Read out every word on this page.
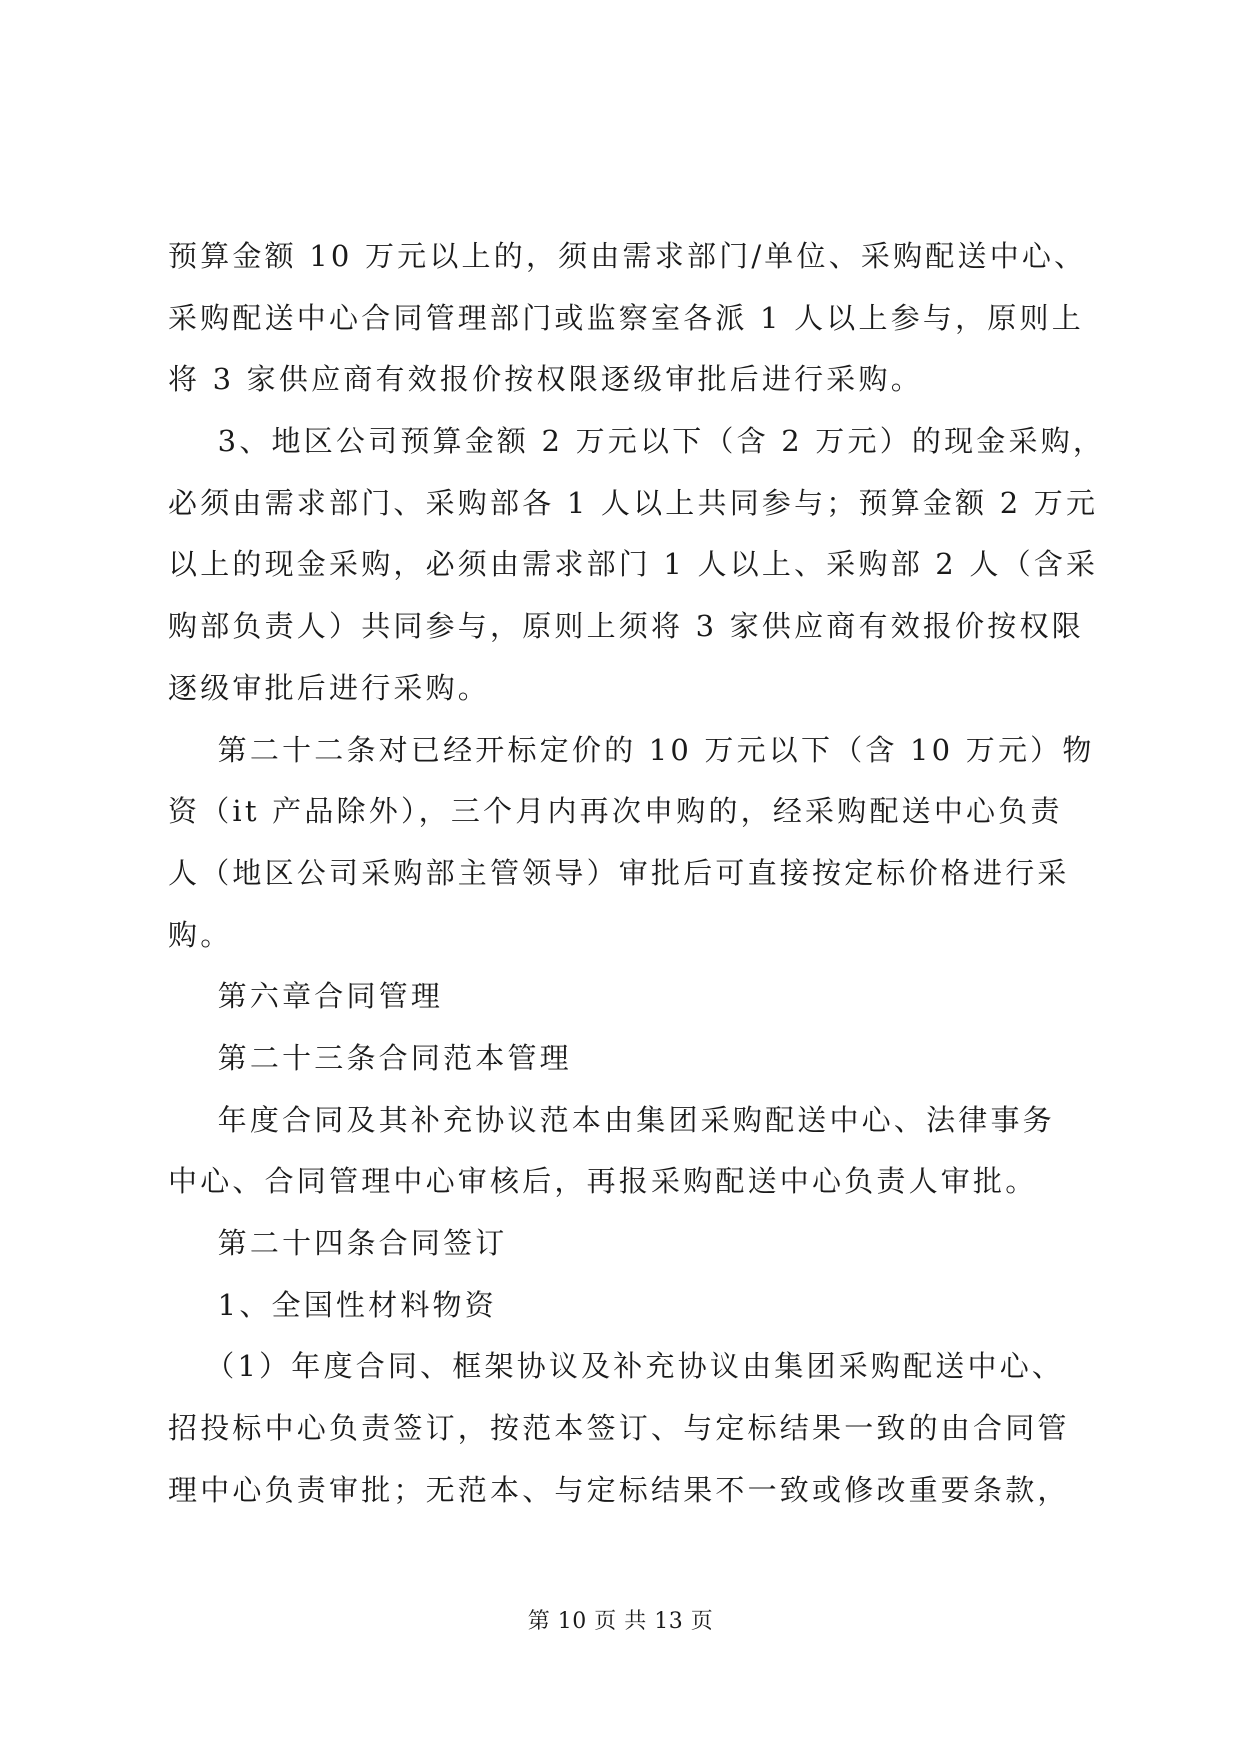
预算金额 10 万元以上的，须由需求部门/单位、采购配送中心、
采购配送中心合同管理部门或监察室各派 1 人以上参与，原则上
将 3 家供应商有效报价按权限逐级审批后进行采购。
3、地区公司预算金额 2 万元以下（含 2 万元）的现金采购，
必须由需求部门、采购部各 1 人以上共同参与；预算金额 2 万元
以上的现金采购，必须由需求部门 1 人以上、采购部 2 人（含采
购部负责人）共同参与，原则上须将 3 家供应商有效报价按权限
逐级审批后进行采购。
第二十二条对已经开标定价的 10 万元以下（含 10 万元）物
资（it 产品除外），三个月内再次申购的，经采购配送中心负责
人（地区公司采购部主管领导）审批后可直接按定标价格进行采
购。
第六章合同管理
第二十三条合同范本管理
年度合同及其补充协议范本由集团采购配送中心、法律事务
中心、合同管理中心审核后，再报采购配送中心负责人审批。
第二十四条合同签订
1、全国性材料物资
（1）年度合同、框架协议及补充协议由集团采购配送中心、
招投标中心负责签订，按范本签订、与定标结果一致的由合同管
理中心负责审批；无范本、与定标结果不一致或修改重要条款，
第 10 页 共 13 页
